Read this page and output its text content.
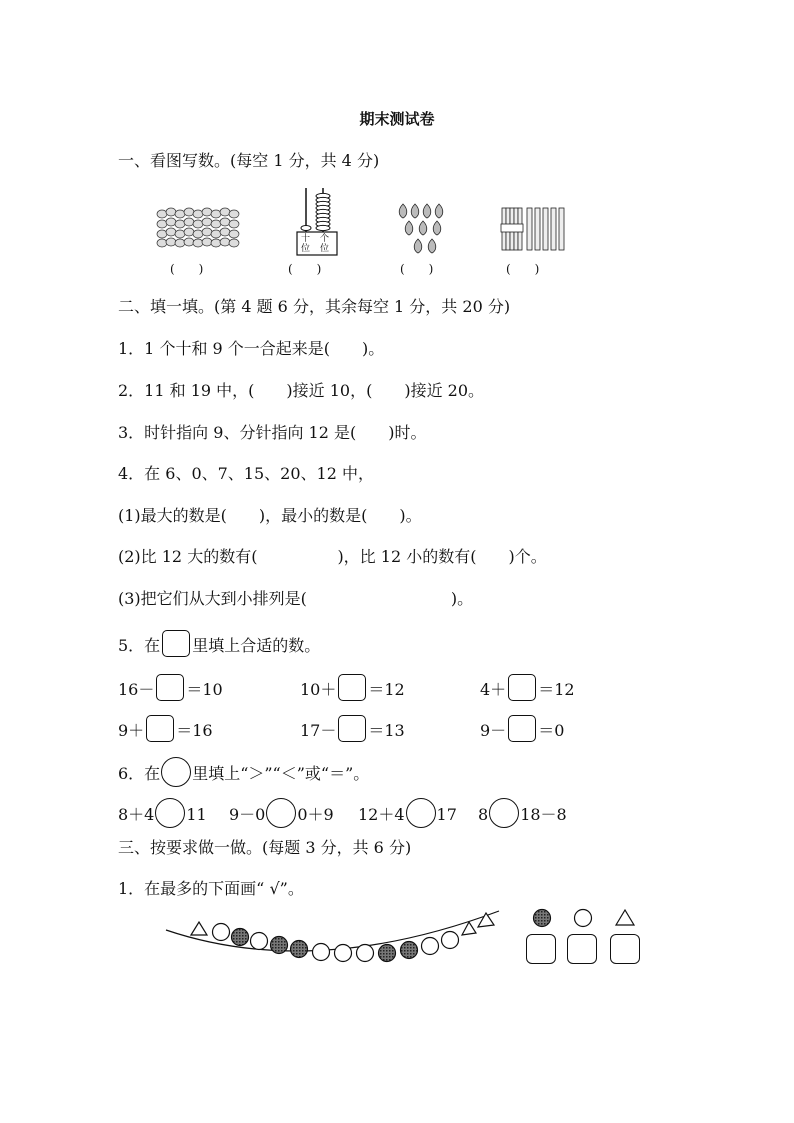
期末测试卷
一、看图写数。(每空 1 分，共 4 分)
十位
个位
(　　)	(　　)	(　　)	(　　)
二、填一填。(第 4 题 6 分，其余每空 1 分，共 20 分)
1．1 个十和 9 个一合起来是(　　)。
2．11 和 19 中，(　　)接近 10，(　　)接近 20。
3．时针指向 9、分针指向 12 是(　　)时。
4．在 6、0、7、15、20、12 中，
(1)最大的数是(　　)，最小的数是(　　)。
(2)比 12 大的数有(　　　　　)，比 12 小的数有(　　)个。
(3)把它们从大到小排列是(　　　　　　　　　)。
5．在 里填上合适的数。
16－ ＝10	10＋ ＝12	4＋ ＝12
9＋ ＝16	17－ ＝13	9－ ＝0
6．在 里填上“＞”“＜”或“＝”。
8＋4 11 9－0 0＋9 12＋4 17 8 18－8
三、按要求做一做。(每题 3 分，共 6 分)
1．在最多的下面画“ √”。
